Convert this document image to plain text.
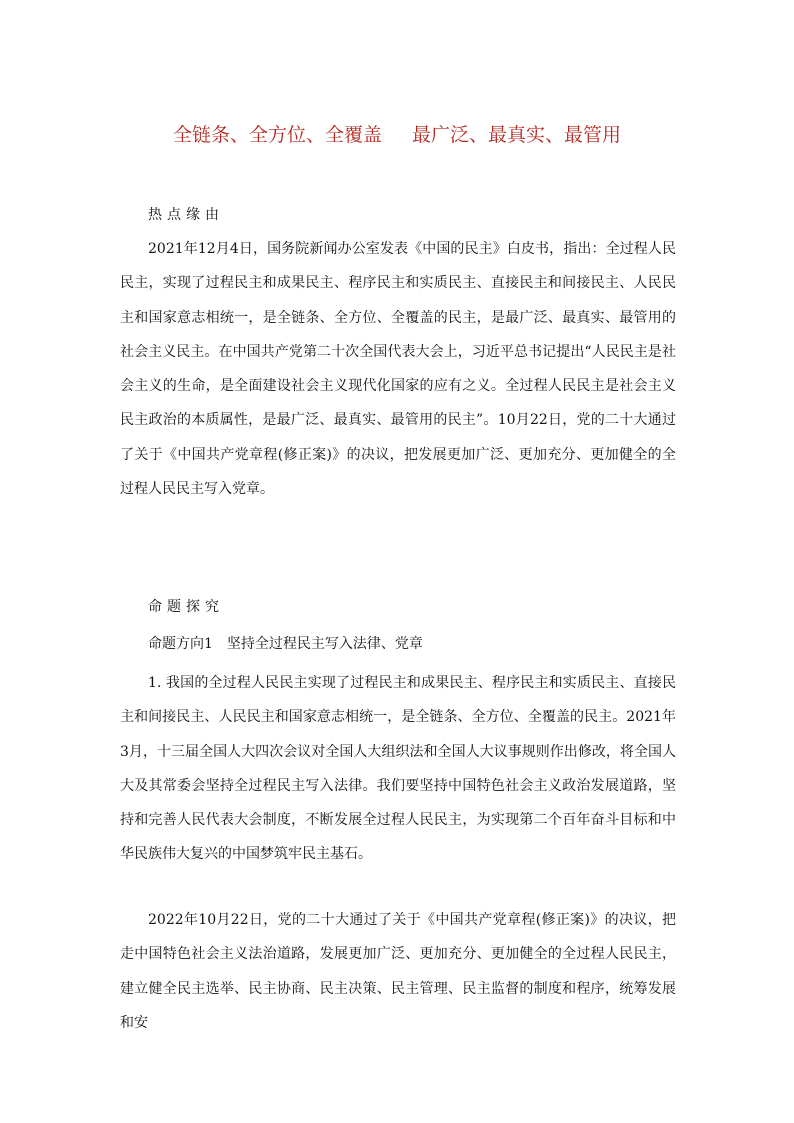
全链条、全方位、全覆盖 最广泛、最真实、最管用
热点缘由

2021年12月4日，国务院新闻办公室发表《中国的民主》白皮书，指出：全过程人民民主，实现了过程民主和成果民主、程序民主和实质民主、直接民主和间接民主、人民民主和国家意志相统一，是全链条、全方位、全覆盖的民主，是最广泛、最真实、最管用的社会主义民主。在中国共产党第二十次全国代表大会上，习近平总书记提出“人民民主是社会主义的生命，是全面建设社会主义现代化国家的应有之义。全过程人民民主是社会主义民主政治的本质属性，是最广泛、最真实、最管用的民主”。10月22日，党的二十大通过了关于《中国共产党章程(修正案)》的决议，把发展更加广泛、更加充分、更加健全的全过程人民民主写入党章。

命题探究
命题方向1 坚持全过程民主写入法律、党章

1. 我国的全过程人民民主实现了过程民主和成果民主、程序民主和实质民主、直接民主和间接民主、人民民主和国家意志相统一，是全链条、全方位、全覆盖的民主。2021年3月，十三届全国人大四次会议对全国人大组织法和全国人大议事规则作出修改，将全国人大及其常委会坚持全过程民主写入法律。我们要坚持中国特色社会主义政治发展道路，坚持和完善人民代表大会制度，不断发展全过程人民民主，为实现第二个百年奋斗目标和中华民族伟大复兴的中国梦筑牢民主基石。

2022年10月22日，党的二十大通过了关于《中国共产党章程(修正案)》的决议，把走中国特色社会主义法治道路，发展更加广泛、更加充分、更加健全的全过程人民民主，建立健全民主选举、民主协商、民主决策、民主管理、民主监督的制度和程序，统筹发展和安
